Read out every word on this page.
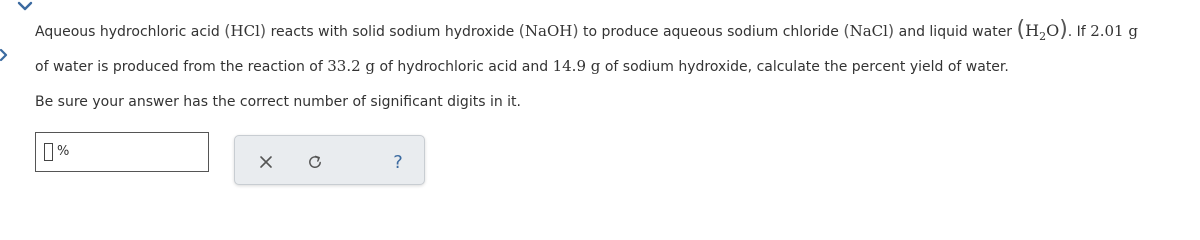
Aqueous hydrochloric acid (HCl) reacts with solid sodium hydroxide (NaOH) to produce aqueous sodium chloride (NaCl) and liquid water $(H_2O)$. If 2.01 g
of water is produced from the reaction of 33.2 g of hydrochloric acid and 14.9 g of sodium hydroxide, calculate the percent yield of water.
Be sure your answer has the correct number of significant digits in it.
%	?
